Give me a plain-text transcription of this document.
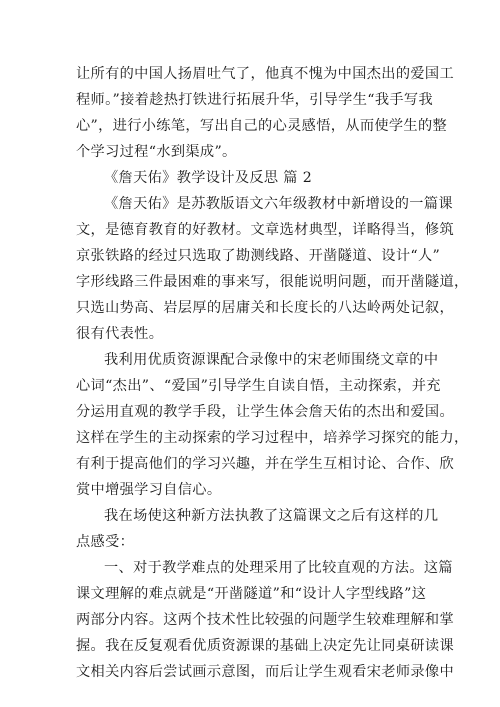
让所有的中国人扬眉吐气了，他真不愧为中国杰出的爱国工
程师。”接着趁热打铁进行拓展升华，引导学生“我手写我
心”，进行小练笔，写出自己的心灵感悟，从而使学生的整
个学习过程“水到渠成”。
《詹天佑》教学设计及反思 篇 2
《詹天佑》是苏教版语文六年级教材中新增设的一篇课
文，是德育教育的好教材。文章选材典型，详略得当，修筑
京张铁路的经过只选取了勘测线路、开凿隧道、设计“人”
字形线路三件最困难的事来写，很能说明问题，而开凿隧道，
只选山势高、岩层厚的居庸关和长度长的八达岭两处记叙，
很有代表性。
我利用优质资源课配合录像中的宋老师围绕文章的中
心词“杰出”、“爱国”引导学生自读自悟，主动探索，并充
分运用直观的教学手段，让学生体会詹天佑的杰出和爱国。
这样在学生的主动探索的学习过程中，培养学习探究的能力，
有利于提高他们的学习兴趣，并在学生互相讨论、合作、欣
赏中增强学习自信心。
我在场使这种新方法执教了这篇课文之后有这样的几
点感受：
一、对于教学难点的处理采用了比较直观的方法。这篇
课文理解的难点就是“开凿隧道”和“设计人字型线路”这
两部分内容。这两个技术性比较强的问题学生较难理解和掌
握。我在反复观看优质资源课的基础上决定先让同桌研读课
文相关内容后尝试画示意图，而后让学生观看宋老师录像中
